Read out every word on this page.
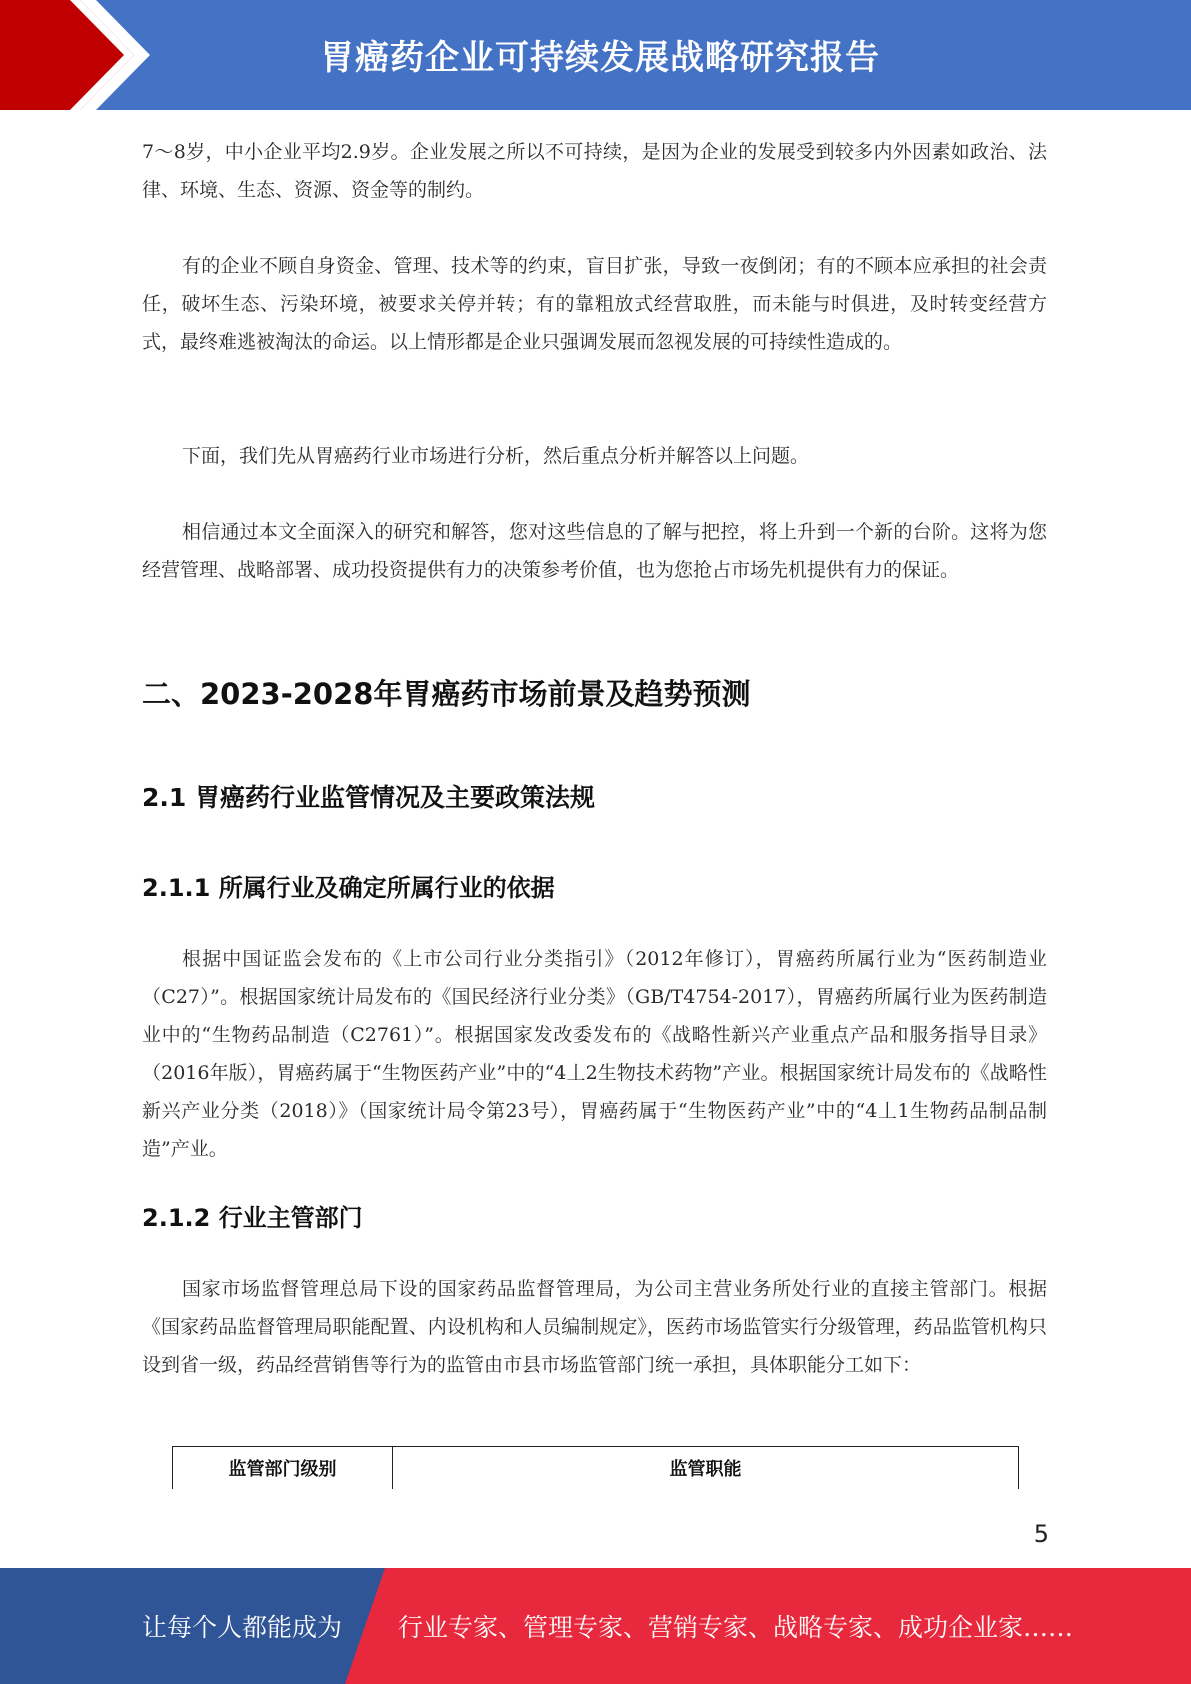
胃癌药企业可持续发展战略研究报告

7～8岁，中小企业平均2.9岁。企业发展之所以不可持续，是因为企业的发展受到较多内外因素如政治、法律、环境、生态、资源、资金等的制约。

有的企业不顾自身资金、管理、技术等的约束，盲目扩张，导致一夜倒闭；有的不顾本应承担的社会责任，破坏生态、污染环境，被要求关停并转；有的靠粗放式经营取胜，而未能与时俱进，及时转变经营方式，最终难逃被淘汰的命运。以上情形都是企业只强调发展而忽视发展的可持续性造成的。

下面，我们先从胃癌药行业市场进行分析，然后重点分析并解答以上问题。

相信通过本文全面深入的研究和解答，您对这些信息的了解与把控，将上升到一个新的台阶。这将为您经营管理、战略部署、成功投资提供有力的决策参考价值，也为您抢占市场先机提供有力的保证。

二、2023-2028年胃癌药市场前景及趋势预测
2.1 胃癌药行业监管情况及主要政策法规
2.1.1 所属行业及确定所属行业的依据

根据中国证监会发布的《上市公司行业分类指引》（2012年修订），胃癌药所属行业为“医药制造业（C27）”。根据国家统计局发布的《国民经济行业分类》（GB/T4754-2017），胃癌药所属行业为医药制造业中的“生物药品制造（C2761）”。根据国家发改委发布的《战略性新兴产业重点产品和服务指导目录》（2016年版），胃癌药属于“生物医药产业”中的“4丄2生物技术药物”产业。根据国家统计局发布的《战略性新兴产业分类（2018）》（国家统计局令第23号），胃癌药属于“生物医药产业”中的“4丄1生物药品制品制造”产业。

2.1.2 行业主管部门

国家市场监督管理总局下设的国家药品监督管理局，为公司主营业务所处行业的直接主管部门。根据《国家药品监督管理局职能配置、内设机构和人员编制规定》，医药市场监管实行分级管理，药品监管机构只设到省一级，药品经营销售等行为的监管由市县市场监管部门统一承担，具体职能分工如下：

监管部门级别	监管职能
5
让每个人都能成为 行业专家、管理专家、营销专家、战略专家、成功企业家……
